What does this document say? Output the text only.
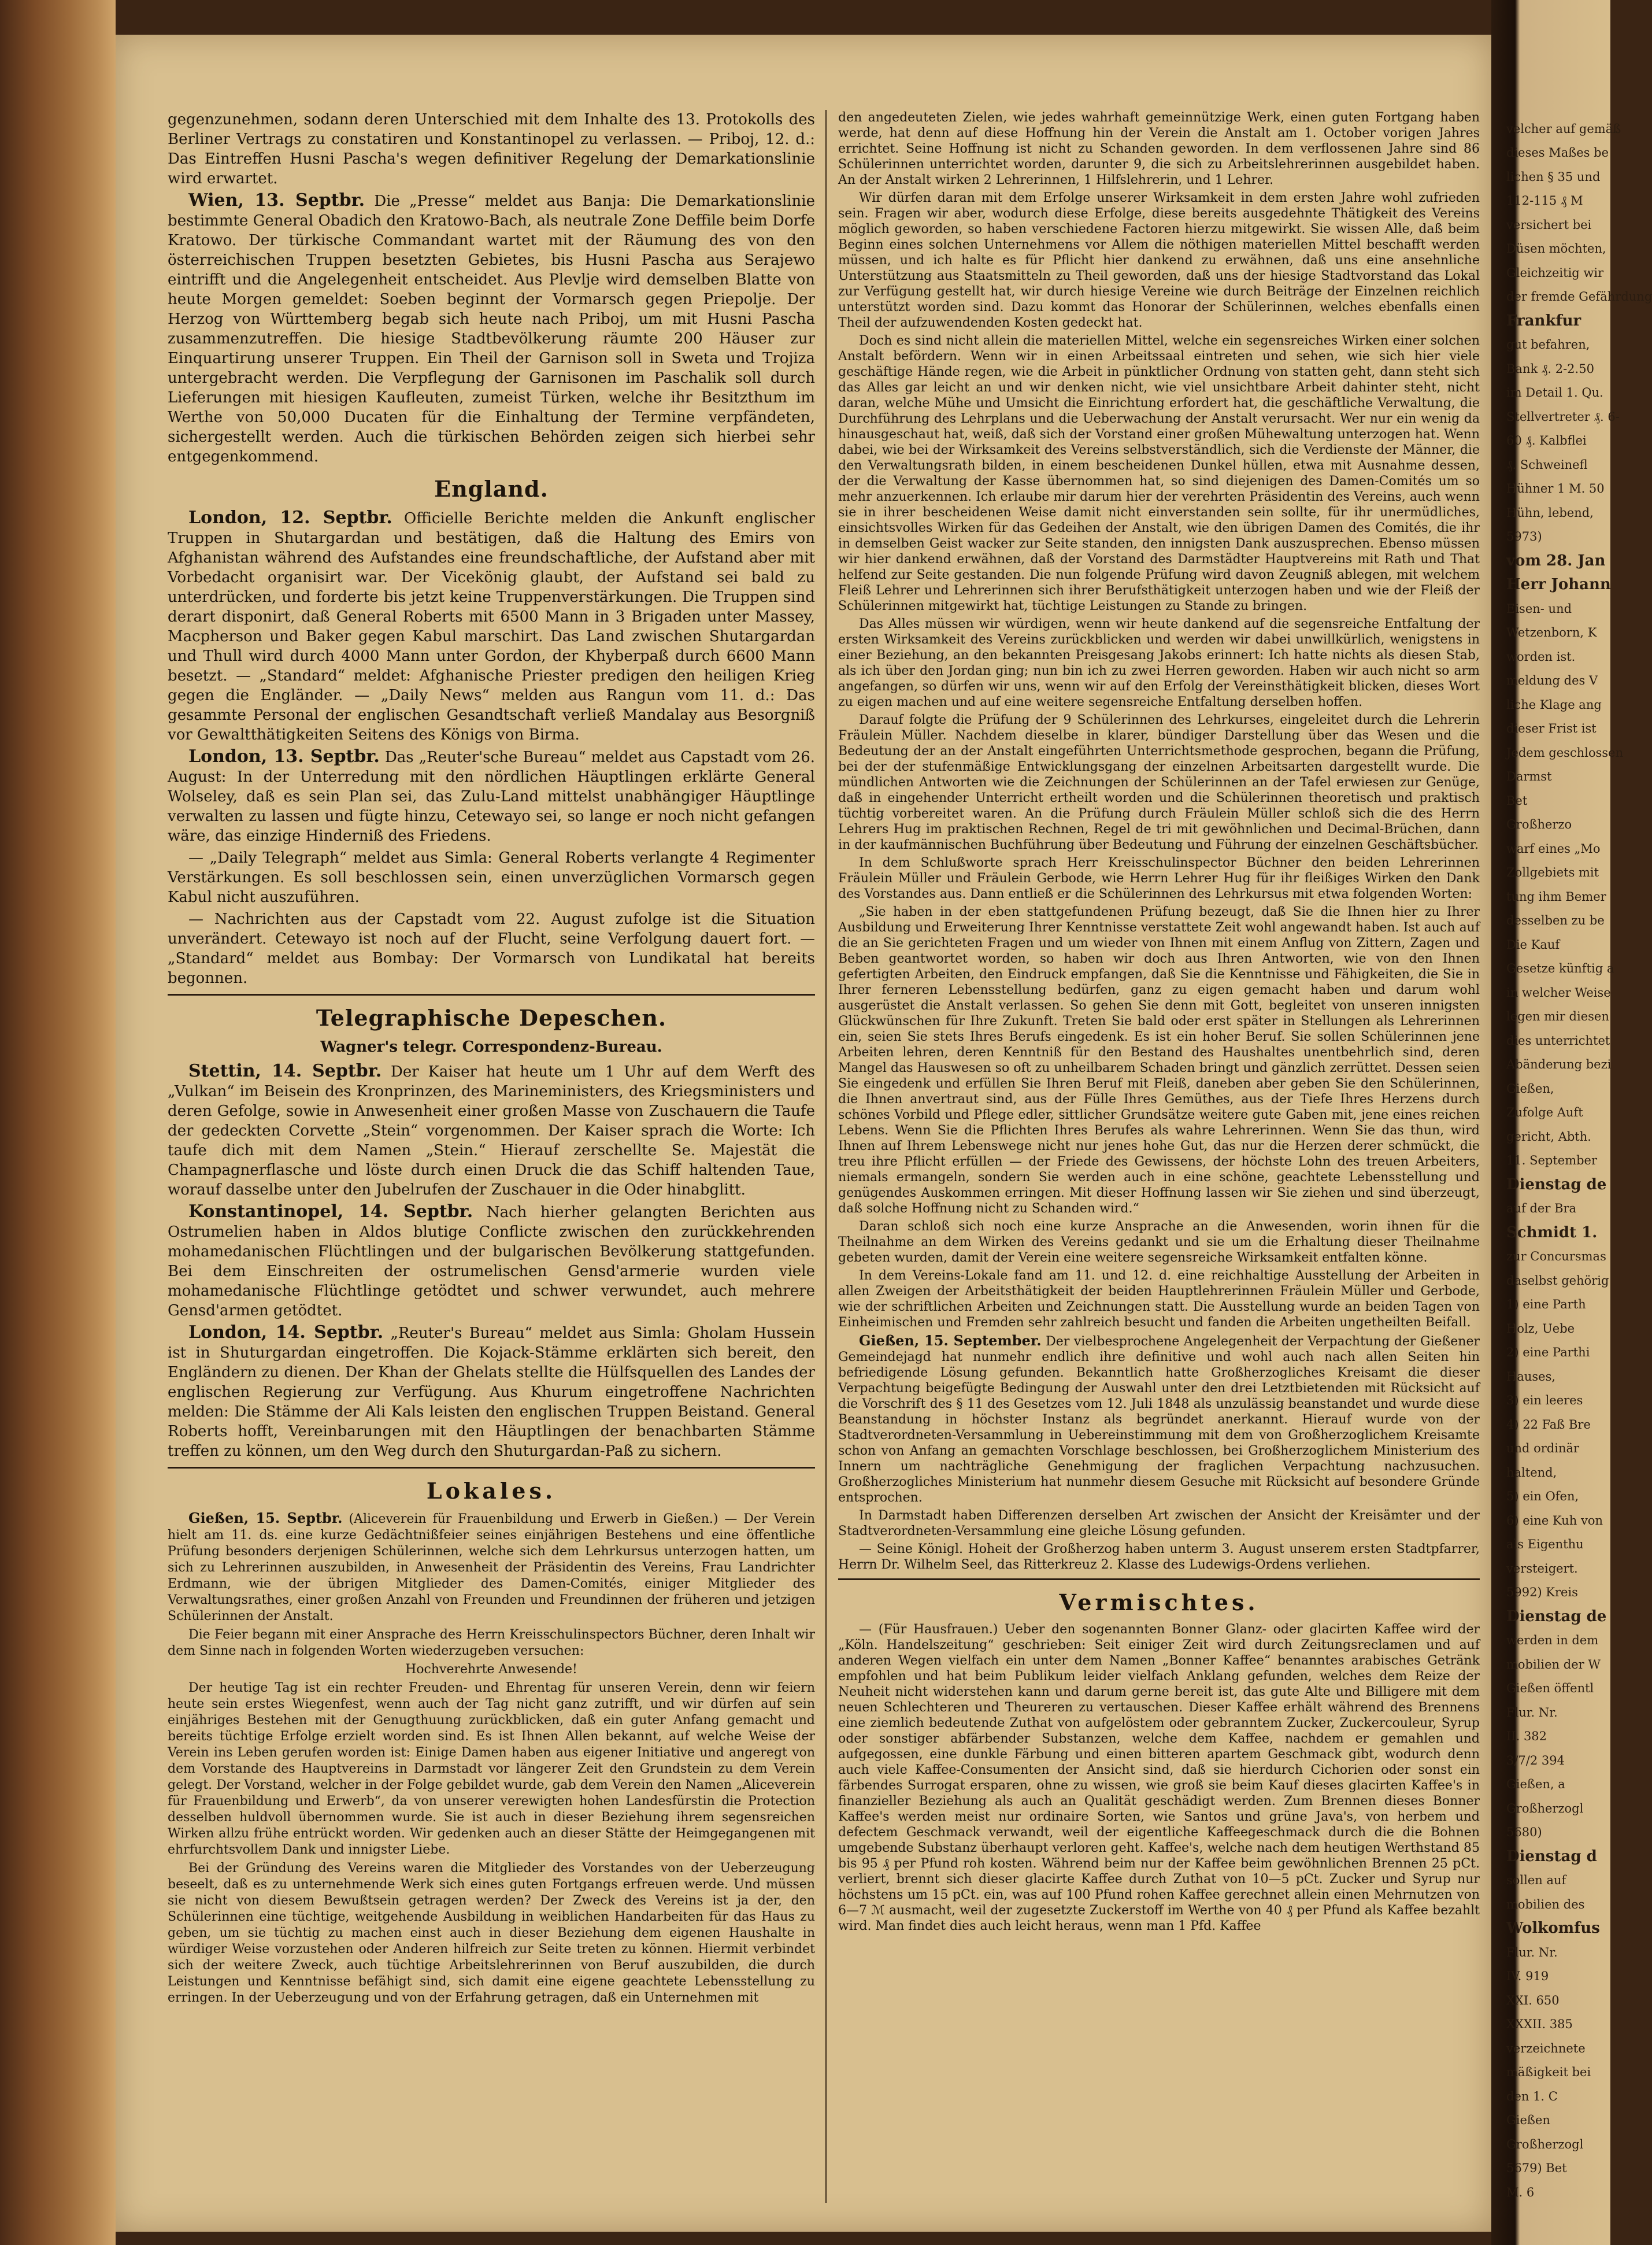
gegenzunehmen, sodann deren Unterschied mit dem Inhalte des 13. Protokolls des Berliner Vertrags zu constatiren und Konstantinopel zu verlassen. — Priboj, 12. d.: Das Eintreffen Husni Pascha's wegen definitiver Regelung der Demarkationslinie wird erwartet.

Wien, 13. Septbr. Die „Presse“ meldet aus Banja: Die Demarkationslinie bestimmte General Obadich den Kratowo-Bach, als neutrale Zone Deffile beim Dorfe Kratowo. Der türkische Commandant wartet mit der Räumung des von den österreichischen Truppen besetzten Gebietes, bis Husni Pascha aus Serajewo eintrifft und die Angelegenheit entscheidet. Aus Plevlje wird demselben Blatte von heute Morgen gemeldet: Soeben beginnt der Vormarsch gegen Priepolje. Der Herzog von Württemberg begab sich heute nach Priboj, um mit Husni Pascha zusammenzutreffen. Die hiesige Stadtbevölkerung räumte 200 Häuser zur Einquartirung unserer Truppen. Ein Theil der Garnison soll in Sweta und Trojiza untergebracht werden. Die Verpflegung der Garnisonen im Paschalik soll durch Lieferungen mit hiesigen Kaufleuten, zumeist Türken, welche ihr Besitzthum im Werthe von 50,000 Ducaten für die Einhaltung der Termine verpfändeten, sichergestellt werden. Auch die türkischen Behörden zeigen sich hierbei sehr entgegenkommend.

England.

London, 12. Septbr. Officielle Berichte melden die Ankunft englischer Truppen in Shutargardan und bestätigen, daß die Haltung des Emirs von Afghanistan während des Aufstandes eine freundschaftliche, der Aufstand aber mit Vorbedacht organisirt war. Der Vicekönig glaubt, der Aufstand sei bald zu unterdrücken, und forderte bis jetzt keine Truppenverstärkungen. Die Truppen sind derart disponirt, daß General Roberts mit 6500 Mann in 3 Brigaden unter Massey, Macpherson und Baker gegen Kabul marschirt. Das Land zwischen Shutargardan und Thull wird durch 4000 Mann unter Gordon, der Khyberpaß durch 6600 Mann besetzt. — „Standard“ meldet: Afghanische Priester predigen den heiligen Krieg gegen die Engländer. — „Daily News“ melden aus Rangun vom 11. d.: Das gesammte Personal der englischen Gesandtschaft verließ Mandalay aus Besorgniß vor Gewaltthätigkeiten Seitens des Königs von Birma.

London, 13. Septbr. Das „Reuter'sche Bureau“ meldet aus Capstadt vom 26. August: In der Unterredung mit den nördlichen Häuptlingen erklärte General Wolseley, daß es sein Plan sei, das Zulu-Land mittelst unabhängiger Häuptlinge verwalten zu lassen und fügte hinzu, Cetewayo sei, so lange er noch nicht gefangen wäre, das einzige Hinderniß des Friedens.

— „Daily Telegraph“ meldet aus Simla: General Roberts verlangte 4 Regimenter Verstärkungen. Es soll beschlossen sein, einen unverzüglichen Vormarsch gegen Kabul nicht auszuführen.

— Nachrichten aus der Capstadt vom 22. August zufolge ist die Situation unverändert. Cetewayo ist noch auf der Flucht, seine Verfolgung dauert fort. — „Standard“ meldet aus Bombay: Der Vormarsch von Lundikatal hat bereits begonnen.

Telegraphische Depeschen.
Wagner's telegr. Correspondenz-Bureau.

Stettin, 14. Septbr. Der Kaiser hat heute um 1 Uhr auf dem Werft des „Vulkan“ im Beisein des Kronprinzen, des Marineministers, des Kriegsministers und deren Gefolge, sowie in Anwesenheit einer großen Masse von Zuschauern die Taufe der gedeckten Corvette „Stein“ vorgenommen. Der Kaiser sprach die Worte: Ich taufe dich mit dem Namen „Stein.“ Hierauf zerschellte Se. Majestät die Champagnerflasche und löste durch einen Druck die das Schiff haltenden Taue, worauf dasselbe unter den Jubelrufen der Zuschauer in die Oder hinabglitt.

Konstantinopel, 14. Septbr. Nach hierher gelangten Berichten aus Ostrumelien haben in Aldos blutige Conflicte zwischen den zurückkehrenden mohamedanischen Flüchtlingen und der bulgarischen Bevölkerung stattgefunden. Bei dem Einschreiten der ostrumelischen Gensd'armerie wurden viele mohamedanische Flüchtlinge getödtet und schwer verwundet, auch mehrere Gensd'armen getödtet.

London, 14. Septbr. „Reuter's Bureau“ meldet aus Simla: Gholam Hussein ist in Shuturgardan eingetroffen. Die Kojack-Stämme erklärten sich bereit, den Engländern zu dienen. Der Khan der Ghelats stellte die Hülfsquellen des Landes der englischen Regierung zur Verfügung. Aus Khurum eingetroffene Nachrichten melden: Die Stämme der Ali Kals leisten den englischen Truppen Beistand. General Roberts hofft, Vereinbarungen mit den Häuptlingen der benachbarten Stämme treffen zu können, um den Weg durch den Shuturgardan-Paß zu sichern.

Lokales.

Gießen, 15. Septbr. (Aliceverein für Frauenbildung und Erwerb in Gießen.) — Der Verein hielt am 11. ds. eine kurze Gedächtnißfeier seines einjährigen Bestehens und eine öffentliche Prüfung besonders derjenigen Schülerinnen, welche sich dem Lehrkursus unterzogen hatten, um sich zu Lehrerinnen auszubilden, in Anwesenheit der Präsidentin des Vereins, Frau Landrichter Erdmann, wie der übrigen Mitglieder des Damen-Comités, einiger Mitglieder des Verwaltungsrathes, einer großen Anzahl von Freunden und Freundinnen der früheren und jetzigen Schülerinnen der Anstalt.

Die Feier begann mit einer Ansprache des Herrn Kreisschulinspectors Büchner, deren Inhalt wir dem Sinne nach in folgenden Worten wiederzugeben versuchen:

Hochverehrte Anwesende!

Der heutige Tag ist ein rechter Freuden- und Ehrentag für unseren Verein, denn wir feiern heute sein erstes Wiegenfest, wenn auch der Tag nicht ganz zutrifft, und wir dürfen auf sein einjähriges Bestehen mit der Genugthuung zurückblicken, daß ein guter Anfang gemacht und bereits tüchtige Erfolge erzielt worden sind. Es ist Ihnen Allen bekannt, auf welche Weise der Verein ins Leben gerufen worden ist: Einige Damen haben aus eigener Initiative und angeregt von dem Vorstande des Hauptvereins in Darmstadt vor längerer Zeit den Grundstein zu dem Verein gelegt. Der Vorstand, welcher in der Folge gebildet wurde, gab dem Verein den Namen „Aliceverein für Frauenbildung und Erwerb“, da von unserer verewigten hohen Landesfürstin die Protection desselben huldvoll übernommen wurde. Sie ist auch in dieser Beziehung ihrem segensreichen Wirken allzu frühe entrückt worden. Wir gedenken auch an dieser Stätte der Heimgegangenen mit ehrfurchtsvollem Dank und innigster Liebe.

Bei der Gründung des Vereins waren die Mitglieder des Vorstandes von der Ueberzeugung beseelt, daß es zu unternehmende Werk sich eines guten Fortgangs erfreuen werde. Und müssen sie nicht von diesem Bewußtsein getragen werden? Der Zweck des Vereins ist ja der, den Schülerinnen eine tüchtige, weitgehende Ausbildung in weiblichen Handarbeiten für das Haus zu geben, um sie tüchtig zu machen einst auch in dieser Beziehung dem eigenen Haushalte in würdiger Weise vorzustehen oder Anderen hilfreich zur Seite treten zu können. Hiermit verbindet sich der weitere Zweck, auch tüchtige Arbeitslehrerinnen von Beruf auszubilden, die durch Leistungen und Kenntnisse befähigt sind, sich damit eine eigene geachtete Lebensstellung zu erringen. In der Ueberzeugung und von der Erfahrung getragen, daß ein Unternehmen mit

den angedeuteten Zielen, wie jedes wahrhaft gemeinnützige Werk, einen guten Fortgang haben werde, hat denn auf diese Hoffnung hin der Verein die Anstalt am 1. October vorigen Jahres errichtet. Seine Hoffnung ist nicht zu Schanden geworden. In dem verflossenen Jahre sind 86 Schülerinnen unterrichtet worden, darunter 9, die sich zu Arbeitslehrerinnen ausgebildet haben. An der Anstalt wirken 2 Lehrerinnen, 1 Hilfslehrerin, und 1 Lehrer.

Wir dürfen daran mit dem Erfolge unserer Wirksamkeit in dem ersten Jahre wohl zufrieden sein. Fragen wir aber, wodurch diese Erfolge, diese bereits ausgedehnte Thätigkeit des Vereins möglich geworden, so haben verschiedene Factoren hierzu mitgewirkt. Sie wissen Alle, daß beim Beginn eines solchen Unternehmens vor Allem die nöthigen materiellen Mittel beschafft werden müssen, und ich halte es für Pflicht hier dankend zu erwähnen, daß uns eine ansehnliche Unterstützung aus Staatsmitteln zu Theil geworden, daß uns der hiesige Stadtvorstand das Lokal zur Verfügung gestellt hat, wir durch hiesige Vereine wie durch Beiträge der Einzelnen reichlich unterstützt worden sind. Dazu kommt das Honorar der Schülerinnen, welches ebenfalls einen Theil der aufzuwendenden Kosten gedeckt hat.

Doch es sind nicht allein die materiellen Mittel, welche ein segensreiches Wirken einer solchen Anstalt befördern. Wenn wir in einen Arbeitssaal eintreten und sehen, wie sich hier viele geschäftige Hände regen, wie die Arbeit in pünktlicher Ordnung von statten geht, dann steht sich das Alles gar leicht an und wir denken nicht, wie viel unsichtbare Arbeit dahinter steht, nicht daran, welche Mühe und Umsicht die Einrichtung erfordert hat, die geschäftliche Verwaltung, die Durchführung des Lehrplans und die Ueberwachung der Anstalt verursacht. Wer nur ein wenig da hinausgeschaut hat, weiß, daß sich der Vorstand einer großen Mühewaltung unterzogen hat. Wenn dabei, wie bei der Wirksamkeit des Vereins selbstverständlich, sich die Verdienste der Männer, die den Verwaltungsrath bilden, in einem bescheidenen Dunkel hüllen, etwa mit Ausnahme dessen, der die Verwaltung der Kasse übernommen hat, so sind diejenigen des Damen-Comités um so mehr anzuerkennen. Ich erlaube mir darum hier der verehrten Präsidentin des Vereins, auch wenn sie in ihrer bescheidenen Weise damit nicht einverstanden sein sollte, für ihr unermüdliches, einsichtsvolles Wirken für das Gedeihen der Anstalt, wie den übrigen Damen des Comités, die ihr in demselben Geist wacker zur Seite standen, den innigsten Dank auszusprechen. Ebenso müssen wir hier dankend erwähnen, daß der Vorstand des Darmstädter Hauptvereins mit Rath und That helfend zur Seite gestanden. Die nun folgende Prüfung wird davon Zeugniß ablegen, mit welchem Fleiß Lehrer und Lehrerinnen sich ihrer Berufsthätigkeit unterzogen haben und wie der Fleiß der Schülerinnen mitgewirkt hat, tüchtige Leistungen zu Stande zu bringen.

Das Alles müssen wir würdigen, wenn wir heute dankend auf die segensreiche Entfaltung der ersten Wirksamkeit des Vereins zurückblicken und werden wir dabei unwillkürlich, wenigstens in einer Beziehung, an den bekannten Preisgesang Jakobs erinnert: Ich hatte nichts als diesen Stab, als ich über den Jordan ging; nun bin ich zu zwei Herren geworden. Haben wir auch nicht so arm angefangen, so dürfen wir uns, wenn wir auf den Erfolg der Vereinsthätigkeit blicken, dieses Wort zu eigen machen und auf eine weitere segensreiche Entfaltung derselben hoffen.

Darauf folgte die Prüfung der 9 Schülerinnen des Lehrkurses, eingeleitet durch die Lehrerin Fräulein Müller. Nachdem dieselbe in klarer, bündiger Darstellung über das Wesen und die Bedeutung der an der Anstalt eingeführten Unterrichtsmethode gesprochen, begann die Prüfung, bei der der stufenmäßige Entwicklungsgang der einzelnen Arbeitsarten dargestellt wurde. Die mündlichen Antworten wie die Zeichnungen der Schülerinnen an der Tafel erwiesen zur Genüge, daß in eingehender Unterricht ertheilt worden und die Schülerinnen theoretisch und praktisch tüchtig vorbereitet waren. An die Prüfung durch Fräulein Müller schloß sich die des Herrn Lehrers Hug im praktischen Rechnen, Regel de tri mit gewöhnlichen und Decimal-Brüchen, dann in der kaufmännischen Buchführung über Bedeutung und Führung der einzelnen Geschäftsbücher.

In dem Schlußworte sprach Herr Kreisschulinspector Büchner den beiden Lehrerinnen Fräulein Müller und Fräulein Gerbode, wie Herrn Lehrer Hug für ihr fleißiges Wirken den Dank des Vorstandes aus. Dann entließ er die Schülerinnen des Lehrkursus mit etwa folgenden Worten:

„Sie haben in der eben stattgefundenen Prüfung bezeugt, daß Sie die Ihnen hier zu Ihrer Ausbildung und Erweiterung Ihrer Kenntnisse verstattete Zeit wohl angewandt haben. Ist auch auf die an Sie gerichteten Fragen und um wieder von Ihnen mit einem Anflug von Zittern, Zagen und Beben geantwortet worden, so haben wir doch aus Ihren Antworten, wie von den Ihnen gefertigten Arbeiten, den Eindruck empfangen, daß Sie die Kenntnisse und Fähigkeiten, die Sie in Ihrer ferneren Lebensstellung bedürfen, ganz zu eigen gemacht haben und darum wohl ausgerüstet die Anstalt verlassen. So gehen Sie denn mit Gott, begleitet von unseren innigsten Glückwünschen für Ihre Zukunft. Treten Sie bald oder erst später in Stellungen als Lehrerinnen ein, seien Sie stets Ihres Berufs eingedenk. Es ist ein hoher Beruf. Sie sollen Schülerinnen jene Arbeiten lehren, deren Kenntniß für den Bestand des Haushaltes unentbehrlich sind, deren Mangel das Hauswesen so oft zu unheilbarem Schaden bringt und gänzlich zerrüttet. Dessen seien Sie eingedenk und erfüllen Sie Ihren Beruf mit Fleiß, daneben aber geben Sie den Schülerinnen, die Ihnen anvertraut sind, aus der Fülle Ihres Gemüthes, aus der Tiefe Ihres Herzens durch schönes Vorbild und Pflege edler, sittlicher Grundsätze weitere gute Gaben mit, jene eines reichen Lebens. Wenn Sie die Pflichten Ihres Berufes als wahre Lehrerinnen. Wenn Sie das thun, wird Ihnen auf Ihrem Lebenswege nicht nur jenes hohe Gut, das nur die Herzen derer schmückt, die treu ihre Pflicht erfüllen — der Friede des Gewissens, der höchste Lohn des treuen Arbeiters, niemals ermangeln, sondern Sie werden auch in eine schöne, geachtete Lebensstellung und genügendes Auskommen erringen. Mit dieser Hoffnung lassen wir Sie ziehen und sind überzeugt, daß solche Hoffnung nicht zu Schanden wird.“

Daran schloß sich noch eine kurze Ansprache an die Anwesenden, worin ihnen für die Theilnahme an dem Wirken des Vereins gedankt und sie um die Erhaltung dieser Theilnahme gebeten wurden, damit der Verein eine weitere segensreiche Wirksamkeit entfalten könne.

In dem Vereins-Lokale fand am 11. und 12. d. eine reichhaltige Ausstellung der Arbeiten in allen Zweigen der Arbeitsthätigkeit der beiden Hauptlehrerinnen Fräulein Müller und Gerbode, wie der schriftlichen Arbeiten und Zeichnungen statt. Die Ausstellung wurde an beiden Tagen von Einheimischen und Fremden sehr zahlreich besucht und fanden die Arbeiten ungetheilten Beifall.

Gießen, 15. September. Der vielbesprochene Angelegenheit der Verpachtung der Gießener Gemeindejagd hat nunmehr endlich ihre definitive und wohl auch nach allen Seiten hin befriedigende Lösung gefunden. Bekanntlich hatte Großherzogliches Kreisamt die dieser Verpachtung beigefügte Bedingung der Auswahl unter den drei Letztbietenden mit Rücksicht auf die Vorschrift des § 11 des Gesetzes vom 12. Juli 1848 als unzulässig beanstandet und wurde diese Beanstandung in höchster Instanz als begründet anerkannt. Hierauf wurde von der Stadtverordneten-Versammlung in Uebereinstimmung mit dem von Großherzoglichem Kreisamte schon von Anfang an gemachten Vorschlage beschlossen, bei Großherzoglichem Ministerium des Innern um nachträgliche Genehmigung der fraglichen Verpachtung nachzusuchen. Großherzogliches Ministerium hat nunmehr diesem Gesuche mit Rücksicht auf besondere Gründe entsprochen.

In Darmstadt haben Differenzen derselben Art zwischen der Ansicht der Kreisämter und der Stadtverordneten-Versammlung eine gleiche Lösung gefunden.

— Seine Königl. Hoheit der Großherzog haben unterm 3. August unserem ersten Stadtpfarrer, Herrn Dr. Wilhelm Seel, das Ritterkreuz 2. Klasse des Ludewigs-Ordens verliehen.

Vermischtes.

— (Für Hausfrauen.) Ueber den sogenannten Bonner Glanz- oder glacirten Kaffee wird der „Köln. Handelszeitung“ geschrieben: Seit einiger Zeit wird durch Zeitungsreclamen und auf anderen Wegen vielfach ein unter dem Namen „Bonner Kaffee“ benanntes arabisches Getränk empfohlen und hat beim Publikum leider vielfach Anklang gefunden, welches dem Reize der Neuheit nicht widerstehen kann und darum gerne bereit ist, das gute Alte und Billigere mit dem neuen Schlechteren und Theureren zu vertauschen. Dieser Kaffee erhält während des Brennens eine ziemlich bedeutende Zuthat von aufgelöstem oder gebranntem Zucker, Zuckercouleur, Syrup oder sonstiger abfärbender Substanzen, welche dem Kaffee, nachdem er gemahlen und aufgegossen, eine dunkle Färbung und einen bitteren apartem Geschmack gibt, wodurch denn auch viele Kaffee-Consumenten der Ansicht sind, daß sie hierdurch Cichorien oder sonst ein färbendes Surrogat ersparen, ohne zu wissen, wie groß sie beim Kauf dieses glacirten Kaffee's in finanzieller Beziehung als auch an Qualität geschädigt werden. Zum Brennen dieses Bonner Kaffee's werden meist nur ordinaire Sorten, wie Santos und grüne Java's, von herbem und defectem Geschmack verwandt, weil der eigentliche Kaffeegeschmack durch die die Bohnen umgebende Substanz überhaupt verloren geht. Kaffee's, welche nach dem heutigen Werthstand 85 bis 95 ₰ per Pfund roh kosten. Während beim nur der Kaffee beim gewöhnlichen Brennen 25 pCt. verliert, brennt sich dieser glacirte Kaffee durch Zuthat von 10—5 pCt. Zucker und Syrup nur höchstens um 15 pCt. ein, was auf 100 Pfund rohen Kaffee gerechnet allein einen Mehrnutzen von 6—7 ℳ ausmacht, weil der zugesetzte Zuckerstoff im Werthe von 40 ₰ per Pfund als Kaffee bezahlt wird. Man findet dies auch leicht heraus, wenn man 1 Pfd. Kaffee

velcher auf gemäß
dieses Maßes be
lichen § 35 und
112-115 ₰ M
versichert bei
Düsen möchten,
Gleichzeitig wir
der fremde Gefährdung
Frankfur
gut befahren,
Bank ₰. 2-2.50
im Detail 1. Qu.
Stellvertreter ₰. 6-
60 ₰. Kalbflei
₰. Schweinefl
Hühner 1 M. 50
Hühn, lebend,
5973)
vom 28. Jan
Herr Johann
Eisen- und
Wetzenborn, K
worden ist.
meldung des V
liche Klage ang
dieser Frist ist
Jedem geschlossen
Darmst
Bet
Großherzo
warf eines „Mo
Zollgebiets mit
tung ihm Bemer
desselben zu be
Die Kauf
Gesetze künftig a
in welcher Weise
legen mir diesen
dies unterrichtet
Abänderung bezi
Gießen,
Zufolge Auft
gericht, Abth.
11. September
Dienstag de
auf der Bra
Schmidt 1.
zur Concursmas
daselbst gehörig
1) eine Parth
Holz, Uebe
2) eine Parthi
Hauses,
3) ein leeres
4) 22 Faß Bre
und ordinär
haltend,
5) ein Ofen,
6) eine Kuh von
als Eigenthu
versteigert.
5992) Kreis
Dienstag de
werden in dem
mobilien der W
Gießen öffentl
Flur. Nr.
II. 382
3/7/2 394
Gießen, a
Großherzogl
5680)
Dienstag d
sollen auf
mobilien des
Wolkomfus
Flur. Nr.
IV. 919
XXI. 650
XXXII. 385
verzeichnete
mäßigkeit bei
den 1. C
Gießen
Großherzogl
5679) Bet
M. 6
